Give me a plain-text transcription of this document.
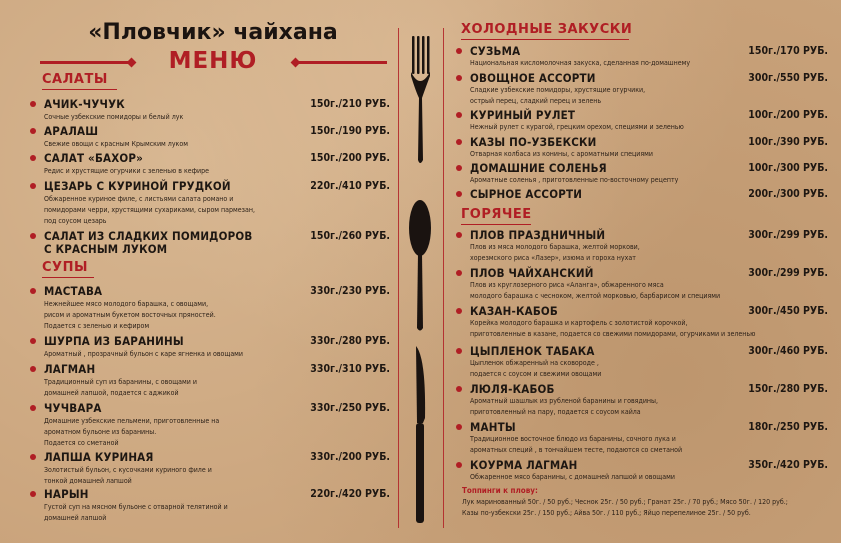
«Пловчик» чайхана
МЕНЮ
САЛАТЫ
АЧИК-ЧУЧУК	150г./210 РУБ.
Сочные узбекские помидоры и белый лук
АРАЛАШ	150г./190 РУБ.
Свежие овощи с красным Крымским луком
САЛАТ «БАХОР»	150г./200 РУБ.
Редис и хрустящие огурчики с зеленью в кефире
ЦЕЗАРЬ С КУРИНОЙ ГРУДКОЙ	220г./410 РУБ.
Обжаренное куриное филе, с листьями салата романо и
помидорами черри, хрустящими сухариками, сыром пармезан,
под соусом цезарь
САЛАТ ИЗ СЛАДКИХ ПОМИДОРОВ	150г./260 РУБ.
С КРАСНЫМ ЛУКОМ
СУПЫ
МАСТАВА	330г./230 РУБ.
Нежнейшее мясо молодого барашка, с овощами,
рисом и ароматным букетом восточных пряностей.
Подается с зеленью и кефиром
ШУРПА ИЗ БАРАНИНЫ	330г./280 РУБ.
Ароматный , прозрачный бульон с каре ягненка и овощами
ЛАГМАН	330г./310 РУБ.
Традиционный суп из баранины, с овощами и
домашней лапшой, подается с аджикой
ЧУЧВАРА	330г./250 РУБ.
Домашние узбекские пельмени, приготовленные на
ароматном бульоне из баранины.
Подается со сметаной
ЛАПША КУРИНАЯ	330г./200 РУБ.
Золотистый бульон, с кусочками куриного филе и
тонкой домашней лапшой
НАРЫН	220г./420 РУБ.
Густой суп на мясном бульоне с отварной телятиной и
домашней лапшой
ХОЛОДНЫЕ ЗАКУСКИ
СУЗЬМА	150г./170 РУБ.
Национальная кисломолочная закуска, сделанная по-домашнему
ОВОЩНОЕ АССОРТИ	300г./550 РУБ.
Сладкие узбекские помидоры, хрустящие огурчики,
острый перец, сладкий перец и зелень
КУРИНЫЙ РУЛЕТ	100г./200 РУБ.
Нежный рулет с курагой, грецким орехом, специями и зеленью
КАЗЫ ПО-УЗБЕКСКИ	100г./390 РУБ.
Отварная колбаса из конины, с ароматными специями
ДОМАШНИЕ СОЛЕНЬЯ	100г./300 РУБ.
Ароматные соленья , приготовленные по-восточному рецепту
СЫРНОЕ АССОРТИ	200г./300 РУБ.
ГОРЯЧЕЕ
ПЛОВ ПРАЗДНИЧНЫЙ	300г./299 РУБ.
Плов из мяса молодого барашка, желтой моркови,
хорезмского риса «Лазер», изюма и гороха нухат
ПЛОВ ЧАЙХАНСКИЙ	300г./299 РУБ.
Плов из круглозерного риса «Аланга», обжаренного мяса
молодого барашка с чесноком, желтой морковью, барбарисом и специями
КАЗАН-КАБОБ	300г./450 РУБ.
Корейка молодого барашка и картофель с золотистой корочкой,
приготовленные в казане, подается со свежими помидорами, огурчиками и зеленью
ЦЫПЛЕНОК ТАБАКА	300г./460 РУБ.
Цыпленок обжаренный на сковороде ,
подается с соусом и свежими овощами
ЛЮЛЯ-КАБОБ	150г./280 РУБ.
Ароматный шашлык из рубленой баранины и говядины,
приготовленный на пару, подается с соусом кайла
МАНТЫ	180г./250 РУБ.
Традиционное восточное блюдо из баранины, сочного лука и
ароматных специй , в тончайшем тесте, подаются со сметаной
КОУРМА ЛАГМАН	350г./420 РУБ.
Обжаренное мясо баранины, с домашней лапшой и овощами
Топпинги к плову:
Лук маринованный 50г. / 50 руб.; Чеснок 25г. / 50 руб.; Гранат 25г. / 70 руб.; Мясо 50г. / 120 руб.;
Казы по-узбекски 25г. / 150 руб.; Айва 50г. / 110 руб.; Яйцо перепелиное 25г. / 50 руб.
